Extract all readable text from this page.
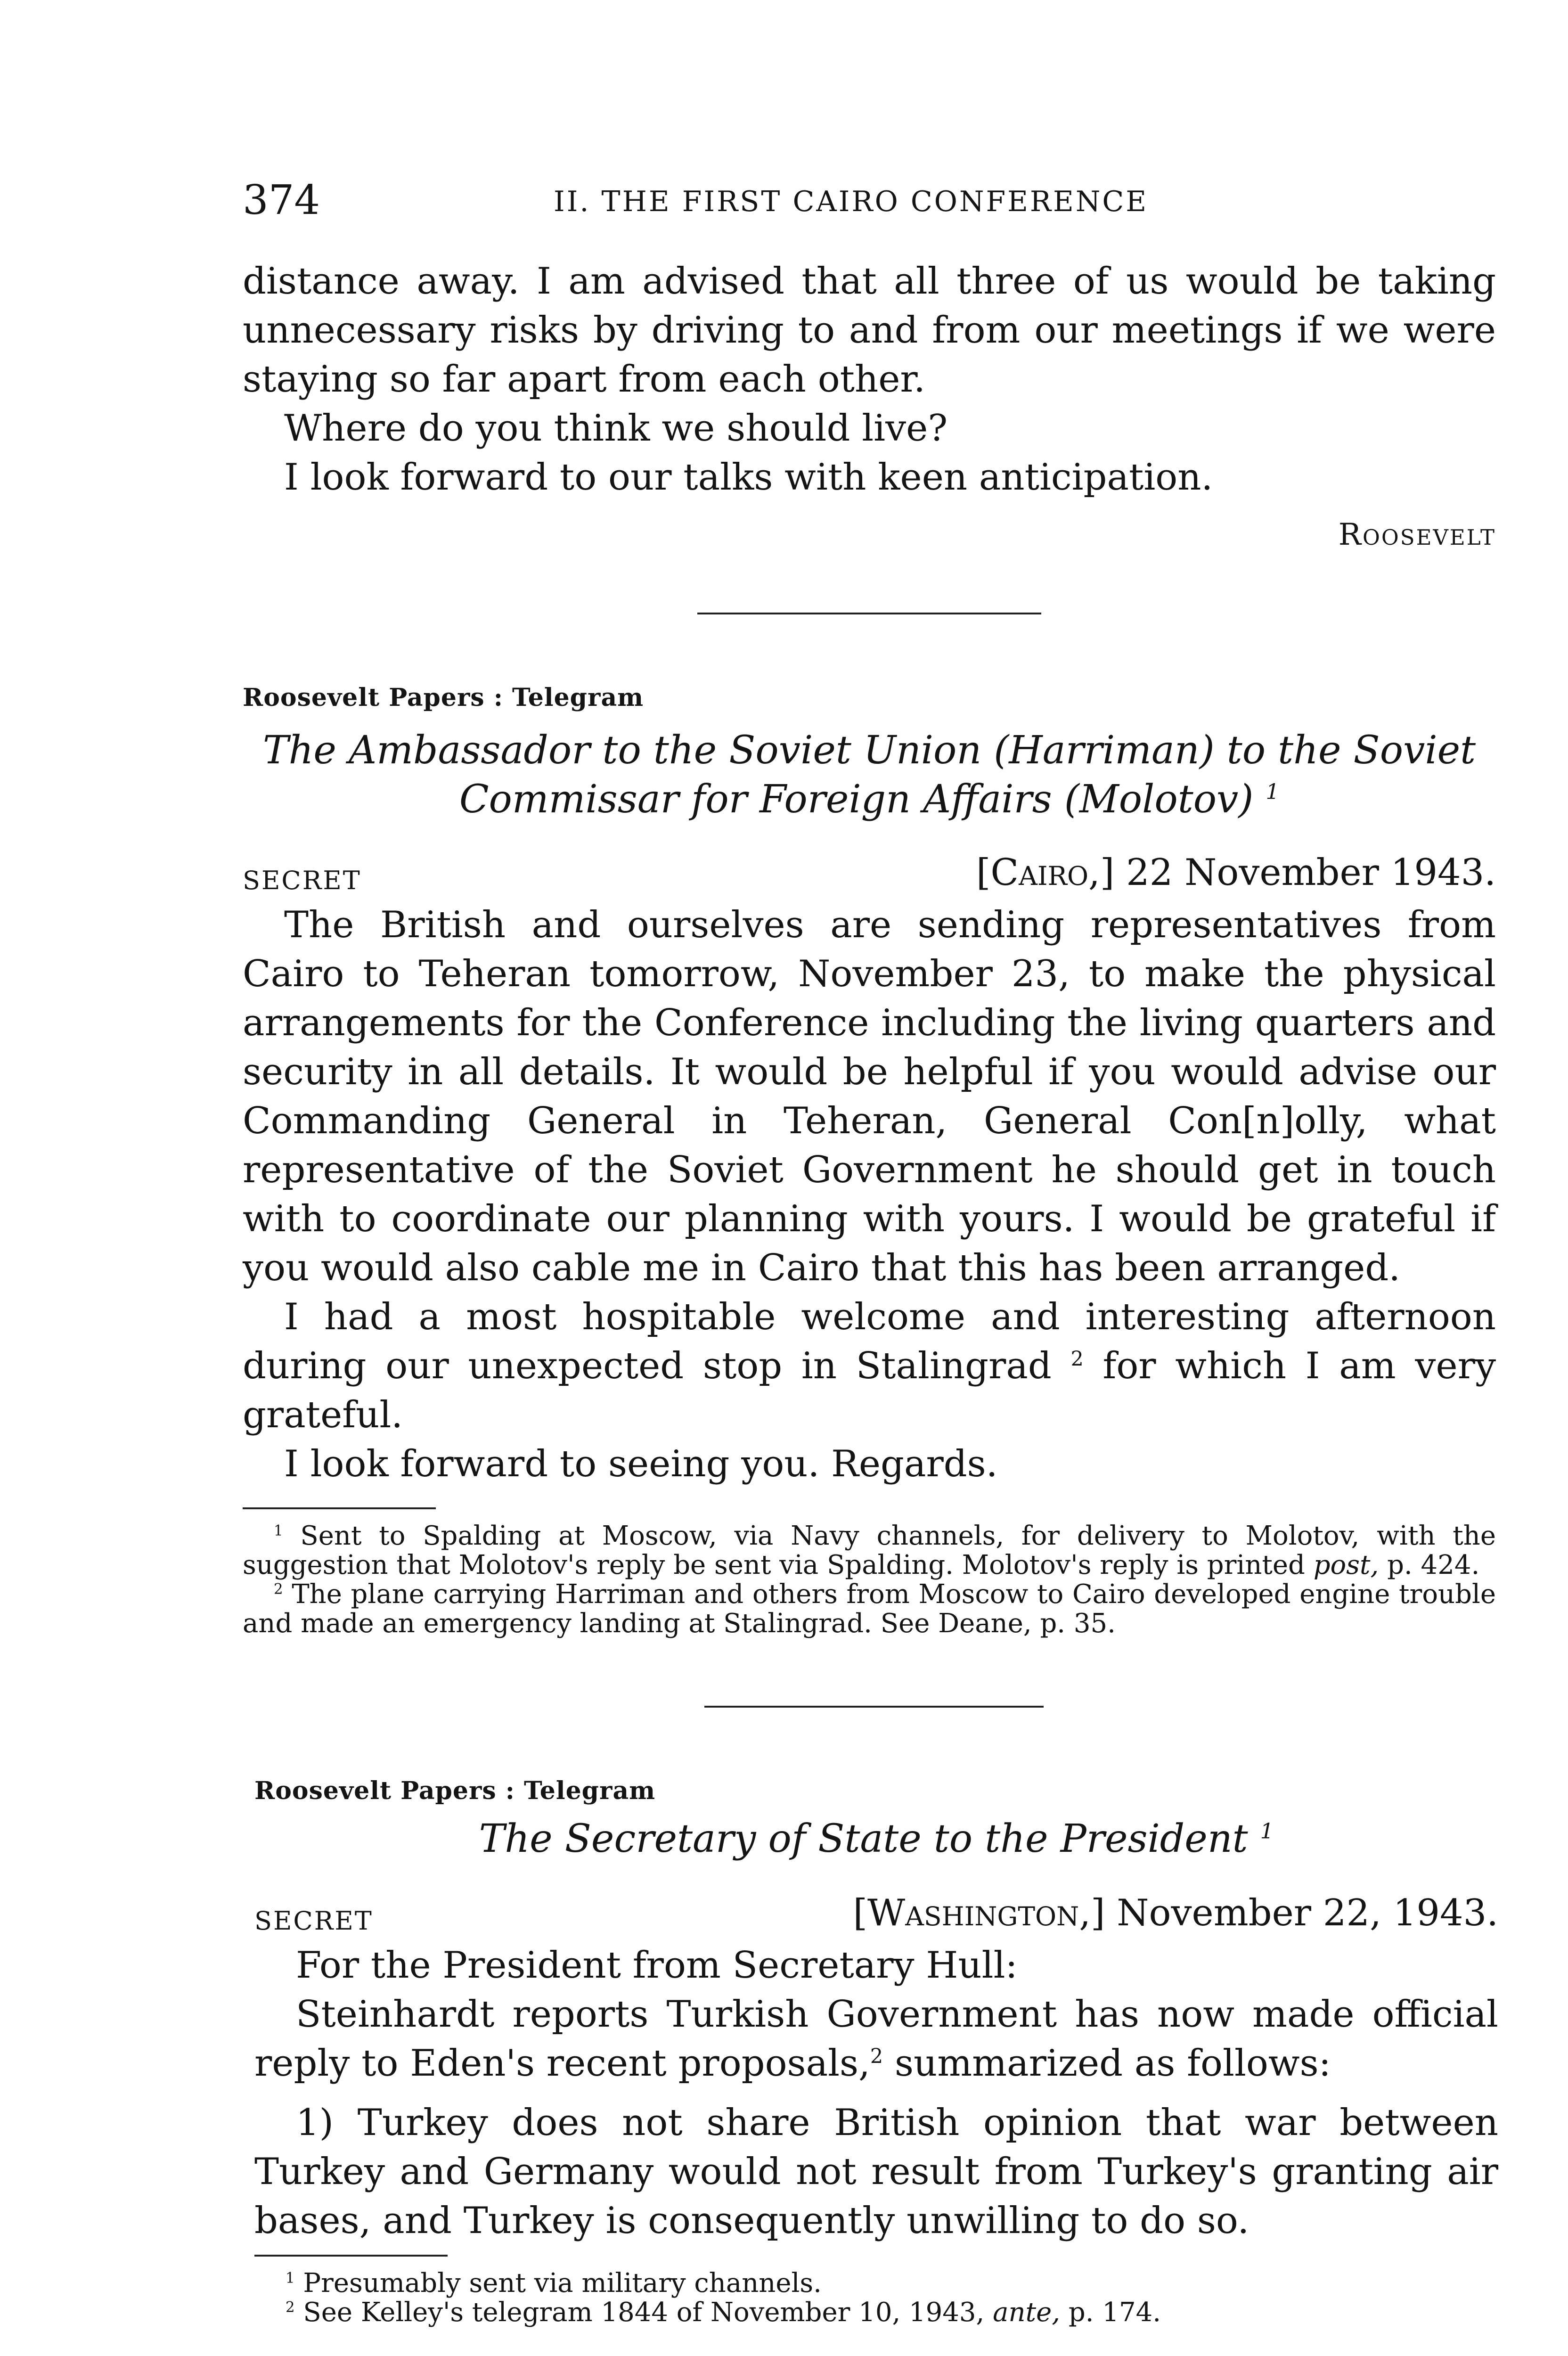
374	II. THE FIRST CAIRO CONFERENCE

distance away. I am advised that all three of us would be taking unnecessary risks by driving to and from our meetings if we were staying so far apart from each other.

Where do you think we should live?

I look forward to our talks with keen anticipation.

Roosevelt
Roosevelt Papers : Telegram
The Ambassador to the Soviet Union (Harriman) to the Soviet
Commissar for Foreign Affairs (Molotov) $^1$
SECRET	[Cairo,] 22 November 1943.

The British and ourselves are sending representatives from Cairo to Teheran tomorrow, November 23, to make the physical arrangements for the Conference including the living quarters and security in all details. It would be helpful if you would advise our Commanding General in Teheran, General Con[n]olly, what representative of the Soviet Government he should get in touch with to coordinate our planning with yours. I would be grateful if you would also cable me in Cairo that this has been arranged.

I had a most hospitable welcome and interesting afternoon during our unexpected stop in Stalingrad $^2$ for which I am very grateful.

I look forward to seeing you. Regards.

$^1$ Sent to Spalding at Moscow, via Navy channels, for delivery to Molotov, with the suggestion that Molotov's reply be sent via Spalding. Molotov's reply is printed post, p. 424.

$^2$ The plane carrying Harriman and others from Moscow to Cairo developed engine trouble and made an emergency landing at Stalingrad. See Deane, p. 35.

Roosevelt Papers : Telegram
The Secretary of State to the President $^1$
SECRET	[Washington,] November 22, 1943.

For the President from Secretary Hull:

Steinhardt reports Turkish Government has now made official reply to Eden's recent proposals,$^2$ summarized as follows:

1) Turkey does not share British opinion that war between Turkey and Germany would not result from Turkey's granting air bases, and Turkey is consequently unwilling to do so.

$^1$ Presumably sent via military channels.

$^2$ See Kelley's telegram 1844 of November 10, 1943, ante, p. 174.
